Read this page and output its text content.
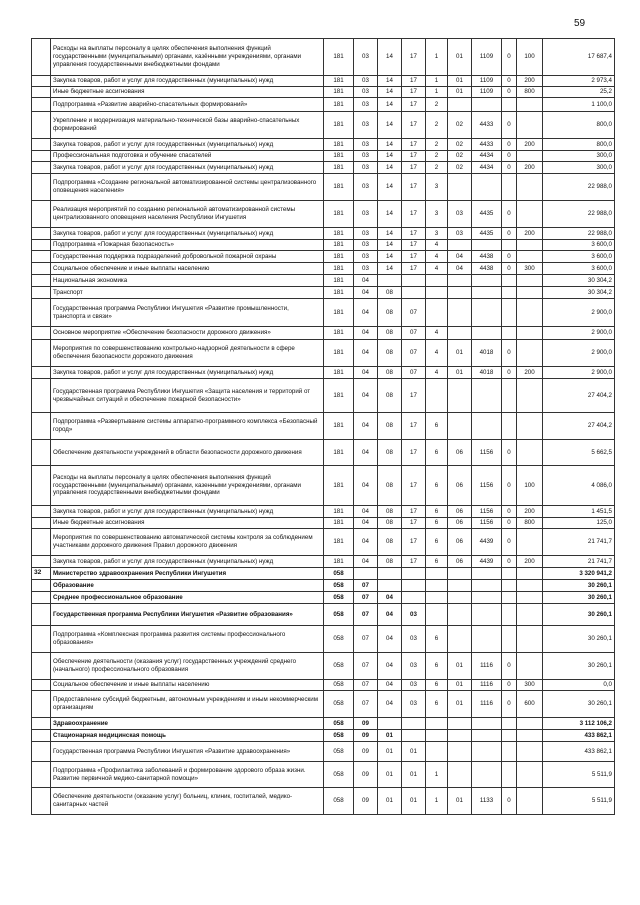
59
	Расходы на выплаты персоналу в целях обеспечения выполнения функций государственными (муниципальными) органами, казёнными учреждениями, органами управления государственными внебюджетными фондами	181	03	14	17	1	01	1109	0	100	17 687,4
	Закупка товаров, работ и услуг для государственных (муниципальных) нужд	181	03	14	17	1	01	1109	0	200	2 973,4
	Иные бюджетные ассигнования	181	03	14	17	1	01	1109	0	800	25,2
	Подпрограмма «Развитие аварийно-спасательных формирований»	181	03	14	17	2					1 100,0
	Укрепление и модернизация материально-технической базы аварийно-спасательных формирований	181	03	14	17	2	02	4433	0		800,0
	Закупка товаров, работ и услуг для государственных (муниципальных) нужд	181	03	14	17	2	02	4433	0	200	800,0
	Профессиональная подготовка и обучение спасателей	181	03	14	17	2	02	4434	0		300,0
	Закупка товаров, работ и услуг для государственных (муниципальных) нужд	181	03	14	17	2	02	4434	0	200	300,0
	Подпрограмма «Создание региональной автоматизированной системы централизованного оповещения населения»	181	03	14	17	3					22 988,0
	Реализация мероприятий по созданию региональной автоматизированной системы централизованного оповещения населения Республики Ингушетия	181	03	14	17	3	03	4435	0		22 988,0
	Закупка товаров, работ и услуг для государственных (муниципальных) нужд	181	03	14	17	3	03	4435	0	200	22 988,0
	Подпрограмма «Пожарная безопасность»	181	03	14	17	4					3 600,0
	Государственная поддержка подразделений добровольной пожарной охраны	181	03	14	17	4	04	4438	0		3 600,0
	Социальное обеспечение и иные выплаты населению	181	03	14	17	4	04	4438	0	300	3 600,0
	Национальная экономика	181	04								30 304,2
	Транспорт	181	04	08							30 304,2
	Государственная программа Республики Ингушетия «Развитие промышленности, транспорта и связи»	181	04	08	07						2 900,0
	Основное мероприятие «Обеспечение безопасности дорожного движения»	181	04	08	07	4					2 900,0
	Мероприятия по совершенствованию контрольно-надзорной деятельности в сфере обеспечения безопасности дорожного движения	181	04	08	07	4	01	4018	0		2 900,0
	Закупка товаров, работ и услуг для государственных (муниципальных) нужд	181	04	08	07	4	01	4018	0	200	2 900,0
	Государственная программа Республики Ингушетия «Защита населения и территорий от чрезвычайных ситуаций и обеспечение пожарной безопасности»	181	04	08	17						27 404,2
	Подпрограмма «Развертывание системы аппаратно-программного комплекса «Безопасный город»	181	04	08	17	6					27 404,2
	Обеспечение деятельности учреждений в области безопасности дорожного движения	181	04	08	17	6	06	1156	0		5 662,5
	Расходы на выплаты персоналу в целях обеспечения выполнения функций государственными (муниципальными) органами, казенными учреждениями, органами управления государственными внебюджетными фондами	181	04	08	17	6	06	1156	0	100	4 086,0
	Закупка товаров, работ и услуг для государственных (муниципальных) нужд	181	04	08	17	6	06	1156	0	200	1 451,5
	Иные бюджетные ассигнования	181	04	08	17	6	06	1156	0	800	125,0
	Мероприятия по совершенствованию автоматической системы контроля за соблюдением участниками дорожного движения Правил дорожного движения	181	04	08	17	6	06	4439	0		21 741,7
	Закупка товаров, работ и услуг для государственных (муниципальных) нужд	181	04	08	17	6	06	4439	0	200	21 741,7
32	Министерство здравоохранения Республики Ингушетия	058									3 320 941,2
	Образование	058	07								30 260,1
	Среднее профессиональное образование	058	07	04							30 260,1
	Государственная программа Республики Ингушетия «Развитие образования»	058	07	04	03						30 260,1
	Подпрограмма «Комплексная программа развития системы профессионального образования»	058	07	04	03	6					30 260,1
	Обеспечение деятельности (оказания услуг) государственных учреждений среднего (начального) профессионального образования	058	07	04	03	6	01	1116	0		30 260,1
	Социальное обеспечение и иные выплаты населению	058	07	04	03	6	01	1116	0	300	0,0
	Предоставление субсидий бюджетным, автономным учреждениям и иным некоммерческим организациям	058	07	04	03	6	01	1116	0	600	30 260,1
	Здравоохранение	058	09								3 112 106,2
	Стационарная медицинская помощь	058	09	01							433 862,1
	Государственная программа Республики Ингушетия «Развитие здравоохранения»	058	09	01	01						433 862,1
	Подпрограмма «Профилактика заболеваний и формирование здорового образа жизни. Развитие первичной медико-санитарной помощи»	058	09	01	01	1					5 511,9
	Обеспечение деятельности (оказание услуг) больниц, клиник, госпиталей, медико-санитарных частей	058	09	01	01	1	01	1133	0		5 511,9
